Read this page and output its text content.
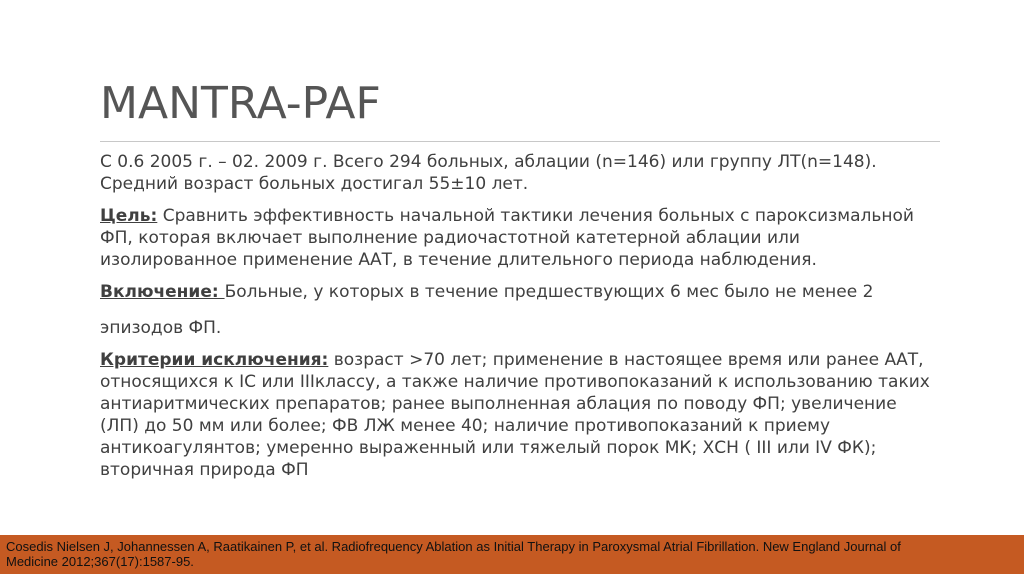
MANTRA-PAF

С 0.6 2005 г. – 02. 2009 г. Всего 294 больных, аблации (n=146) или группу ЛТ(n=148). Средний возраст больных достигал 55±10 лет.

Цель: Сравнить эффективность начальной тактики лечения больных с пароксизмальной ФП, которая включает выполнение радиочастотной катетерной аблации или изолированное применение ААТ, в течение длительного периода наблюдения.

Включение: Больные, у которых в течение предшествующих 6 мес было не менее 2

эпизодов ФП.

Критерии исключения: возраст >70 лет; применение в настоящее время или ранее ААТ, относящихся к IC или IIIклассу, а также наличие противопоказаний к использованию таких антиаритмических препаратов; ранее выполненная аблация по поводу ФП; увеличение (ЛП) до 50 мм или более; ФВ ЛЖ менее 40; наличие противопоказаний к приему антикоагулянтов; умеренно выраженный или тяжелый порок МК; ХСН ( III или IV ФК); вторичная природа ФП

Cosedis Nielsen J, Johannessen A, Raatikainen P, et al. Radiofrequency Ablation as Initial Therapy in Paroxysmal Atrial Fibrillation. New England Journal of Medicine 2012;367(17):1587-95.
